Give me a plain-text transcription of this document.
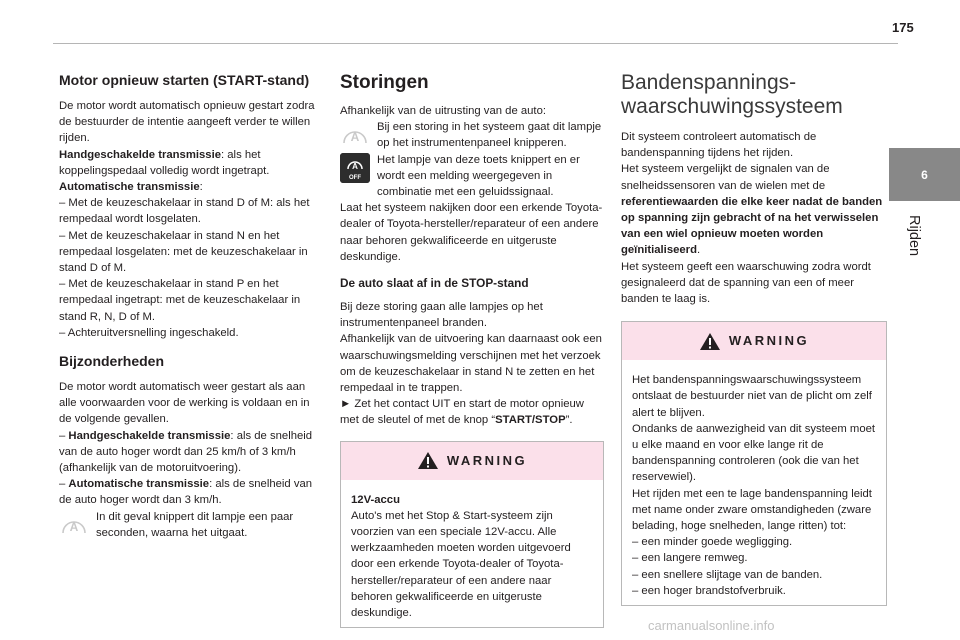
175
6
Rijden
Motor opnieuw starten (START-stand)

De motor wordt automatisch opnieuw gestart zodra de bestuurder de intentie aangeeft verder te willen rijden.

Handgeschakelde transmissie: als het koppelingspedaal volledig wordt ingetrapt.

Automatische transmissie:

– Met de keuzeschakelaar in stand D of M: als het rempedaal wordt losgelaten.

– Met de keuzeschakelaar in stand N en het rempedaal losgelaten: met de keuzeschakelaar in stand D of M.

– Met de keuzeschakelaar in stand P en het rempedaal ingetrapt: met de keuzeschakelaar in stand R, N, D of M.

– Achteruitversnelling ingeschakeld.

Bijzonderheden

De motor wordt automatisch weer gestart als aan alle voorwaarden voor de werking is voldaan en in de volgende gevallen.

– Handgeschakelde transmissie: als de snelheid van de auto hoger wordt dan 25 km/h of 3 km/h (afhankelijk van de motoruitvoering).

– Automatische transmissie: als de snelheid van de auto hoger wordt dan 3 km/h.

A

In dit geval knippert dit lampje een paar seconden, waarna het uitgaat.

Storingen

Afhankelijk van de uitrusting van de auto:

A

Bij een storing in het systeem gaat dit lampje op het instrumentenpaneel knipperen.

A
OFF

Het lampje van deze toets knippert en er wordt een melding weergegeven in combinatie met een geluidssignaal.

Laat het systeem nakijken door een erkende Toyota-dealer of Toyota-hersteller/reparateur of een andere naar behoren gekwalificeerde en uitgeruste deskundige.

De auto slaat af in de STOP-stand

Bij deze storing gaan alle lampjes op het instrumentenpaneel branden.

Afhankelijk van de uitvoering kan daarnaast ook een waarschuwingsmelding verschijnen met het verzoek om de keuzeschakelaar in stand N te zetten en het rempedaal in te trappen.

► Zet het contact UIT en start de motor opnieuw met de sleutel of met de knop “START/STOP”.

WARNING

12V-accu

Auto's met het Stop & Start-systeem zijn voorzien van een speciale 12V-accu. Alle werkzaamheden moeten worden uitgevoerd door een erkende Toyota-dealer of Toyota-hersteller/reparateur of een andere naar behoren gekwalificeerde en uitgeruste deskundige.

Bandenspannings-waarschuwingssysteem

Dit systeem controleert automatisch de bandenspanning tijdens het rijden.

Het systeem vergelijkt de signalen van de snelheidssensoren van de wielen met de referentiewaarden die elke keer nadat de banden op spanning zijn gebracht of na het verwisselen van een wiel opnieuw moeten worden geïnitialiseerd.

Het systeem geeft een waarschuwing zodra wordt gesignaleerd dat de spanning van een of meer banden te laag is.

WARNING

Het bandenspanningswaarschuwingssysteem ontslaat de bestuurder niet van de plicht om zelf alert te blijven.

Ondanks de aanwezigheid van dit systeem moet u elke maand en voor elke lange rit de bandenspanning controleren (ook die van het reservewiel).

Het rijden met een te lage bandenspanning leidt met name onder zware omstandigheden (zware belading, hoge snelheden, lange ritten) tot:

– een minder goede wegligging.

– een langere remweg.

– een snellere slijtage van de banden.

– een hoger brandstofverbruik.

carmanualsonline.info
